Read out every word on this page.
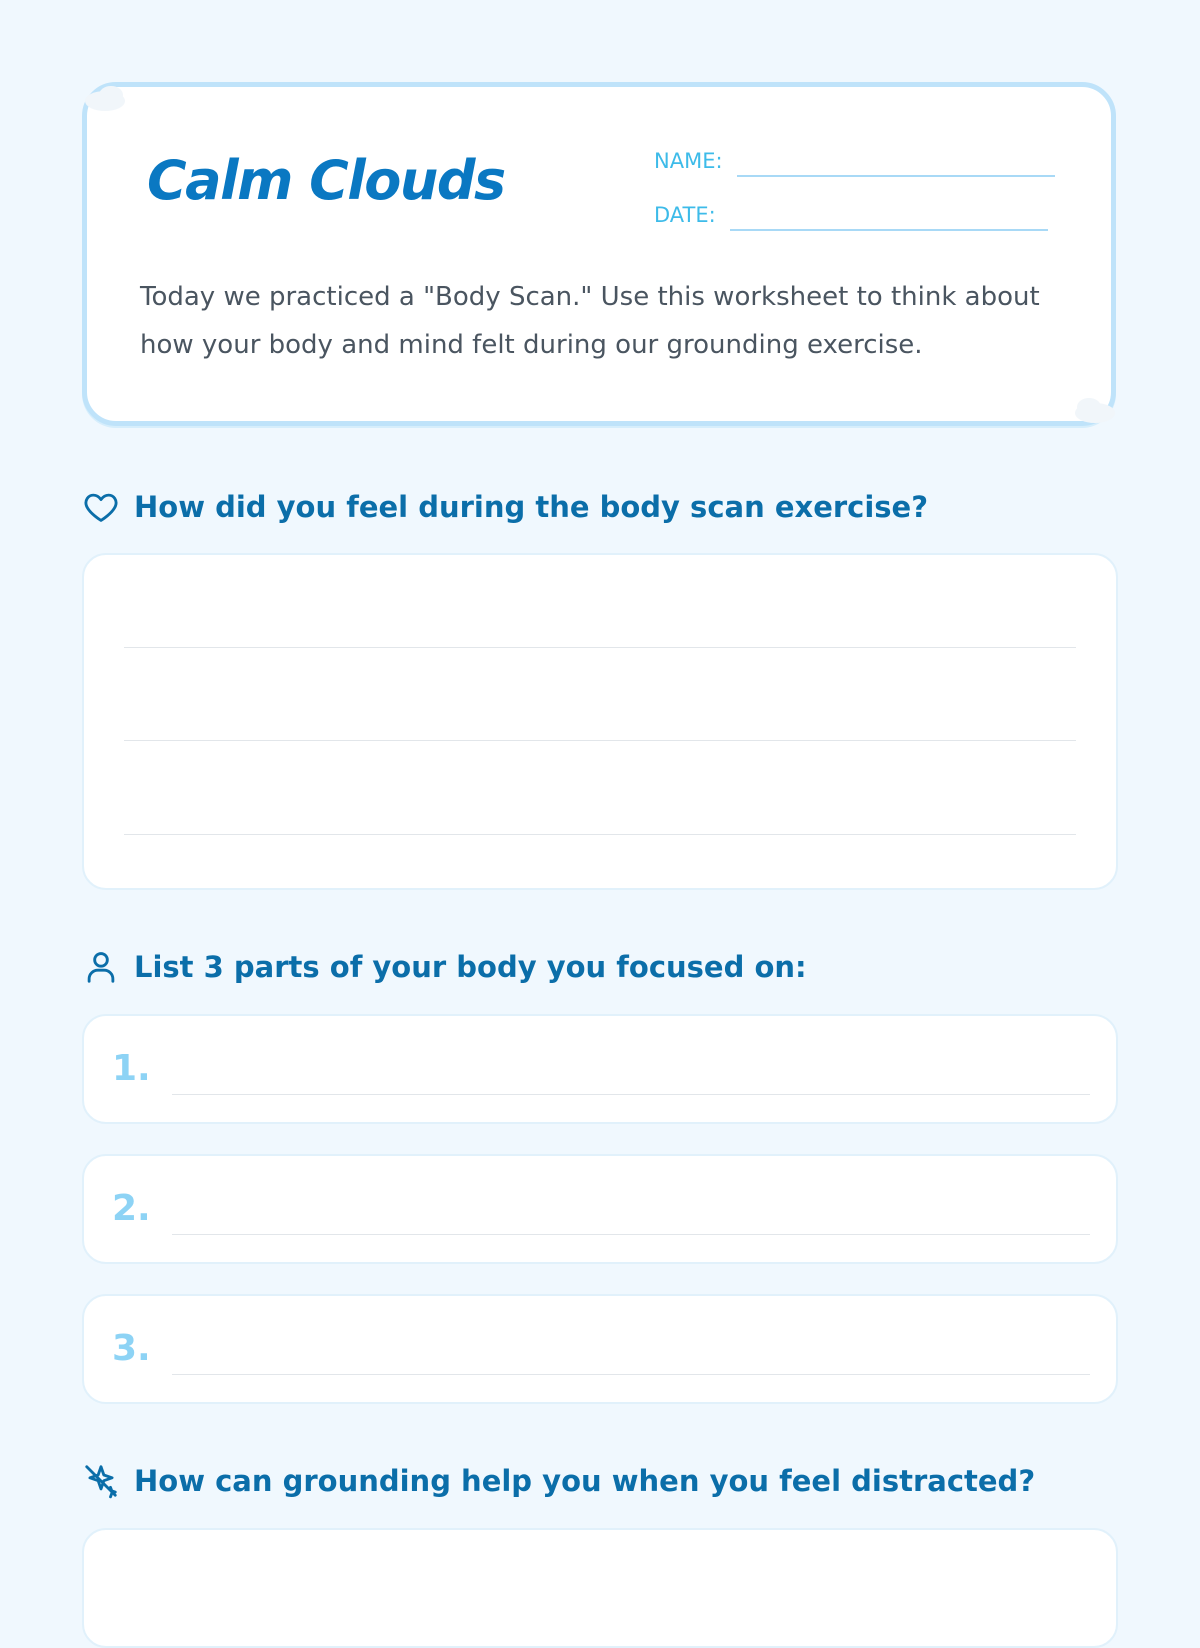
Calm Clouds	NAME:
DATE:

Today we practiced a "Body Scan." Use this worksheet to think about how your body and mind felt during our grounding exercise.

How did you feel during the body scan exercise?
List 3 parts of your body you focused on:
1.
2.
3.
How can grounding help you when you feel distracted?
